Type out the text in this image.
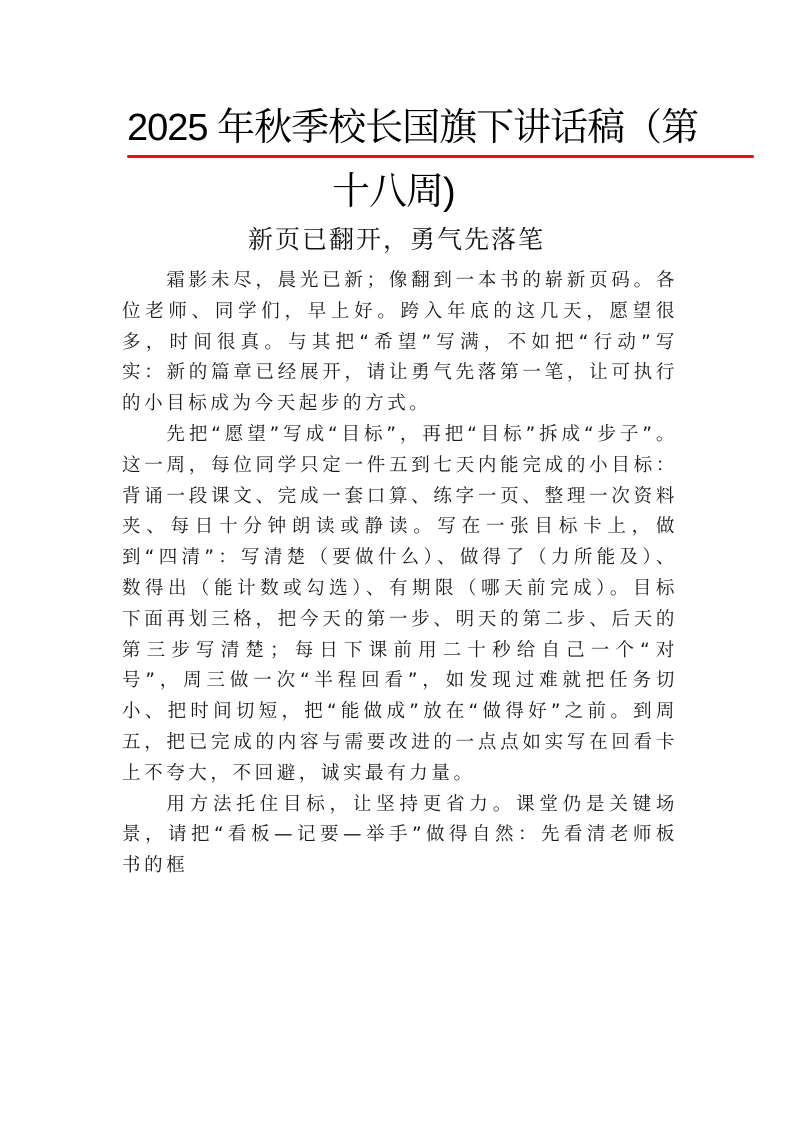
2025 年秋季校长国旗下讲话稿（第
十八周)
新页已翻开，勇气先落笔

霜影未尽，晨光已新；像翻到一本书的崭新页码。各位老师、同学们，早上好。跨入年底的这几天，愿望很多，时间很真。与其把“希望”写满，不如把“行动”写实：新的篇章已经展开，请让勇气先落第一笔，让可执行的小目标成为今天起步的方式。

先把“愿望”写成“目标”，再把“目标”拆成“步子”。这一周，每位同学只定一件五到七天内能完成的小目标：背诵一段课文、完成一套口算、练字一页、整理一次资料夹、每日十分钟朗读或静读。写在一张目标卡上，做到“四清”：写清楚（要做什么）、做得了（力所能及）、数得出（能计数或勾选）、有期限（哪天前完成）。目标下面再划三格，把今天的第一步、明天的第二步、后天的第三步写清楚；每日下课前用二十秒给自己一个“对号”，周三做一次“半程回看”，如发现过难就把任务切小、把时间切短，把“能做成”放在“做得好”之前。到周五，把已完成的内容与需要改进的一点点如实写在回看卡上不夸大，不回避，诚实最有力量。

用方法托住目标，让坚持更省力。课堂仍是关键场景，请把“看板—记要—举手”做得自然：先看清老师板书的框
